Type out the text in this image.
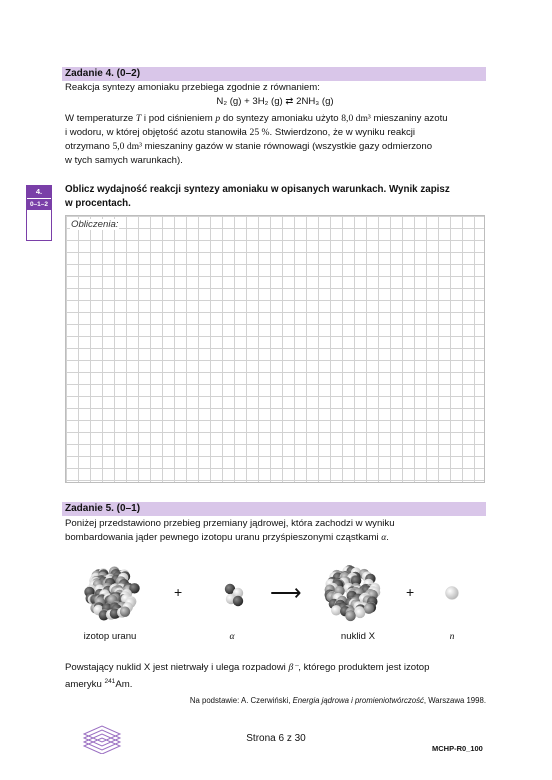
Zadanie 4. (0–2)
Reakcja syntezy amoniaku przebiega zgodnie z równaniem:
N₂ (g) + 3H₂ (g) ⇄ 2NH₃ (g)
W temperaturze T i pod ciśnieniem p do syntezy amoniaku użyto 8,0 dm³ mieszaniny azotu
i wodoru, w której objętość azotu stanowiła 25 %. Stwierdzono, że w wyniku reakcji
otrzymano 5,0 dm³ mieszaniny gazów w stanie równowagi (wszystkie gazy odmierzono
w tych samych warunkach).
4.
0–1–2
Oblicz wydajność reakcji syntezy amoniaku w opisanych warunkach. Wynik zapisz
w procentach.
Obliczenia:
Zadanie 5. (0–1)
Poniżej przedstawiono przebieg przemiany jądrowej, która zachodzi w wyniku
bombardowania jąder pewnego izotopu uranu przyśpieszonymi cząstkami α.
+	⟶	+
izotop uranu	α	nuklid X	n
Powstający nuklid X jest nietrwały i ulega rozpadowi β⁻, którego produktem jest izotop
ameryku $^{241}$Am.
Na podstawie: A. Czerwiński, Energia jądrowa i promieniotwórczość, Warszawa 1998.
Strona 6 z 30
MCHP-R0_100
